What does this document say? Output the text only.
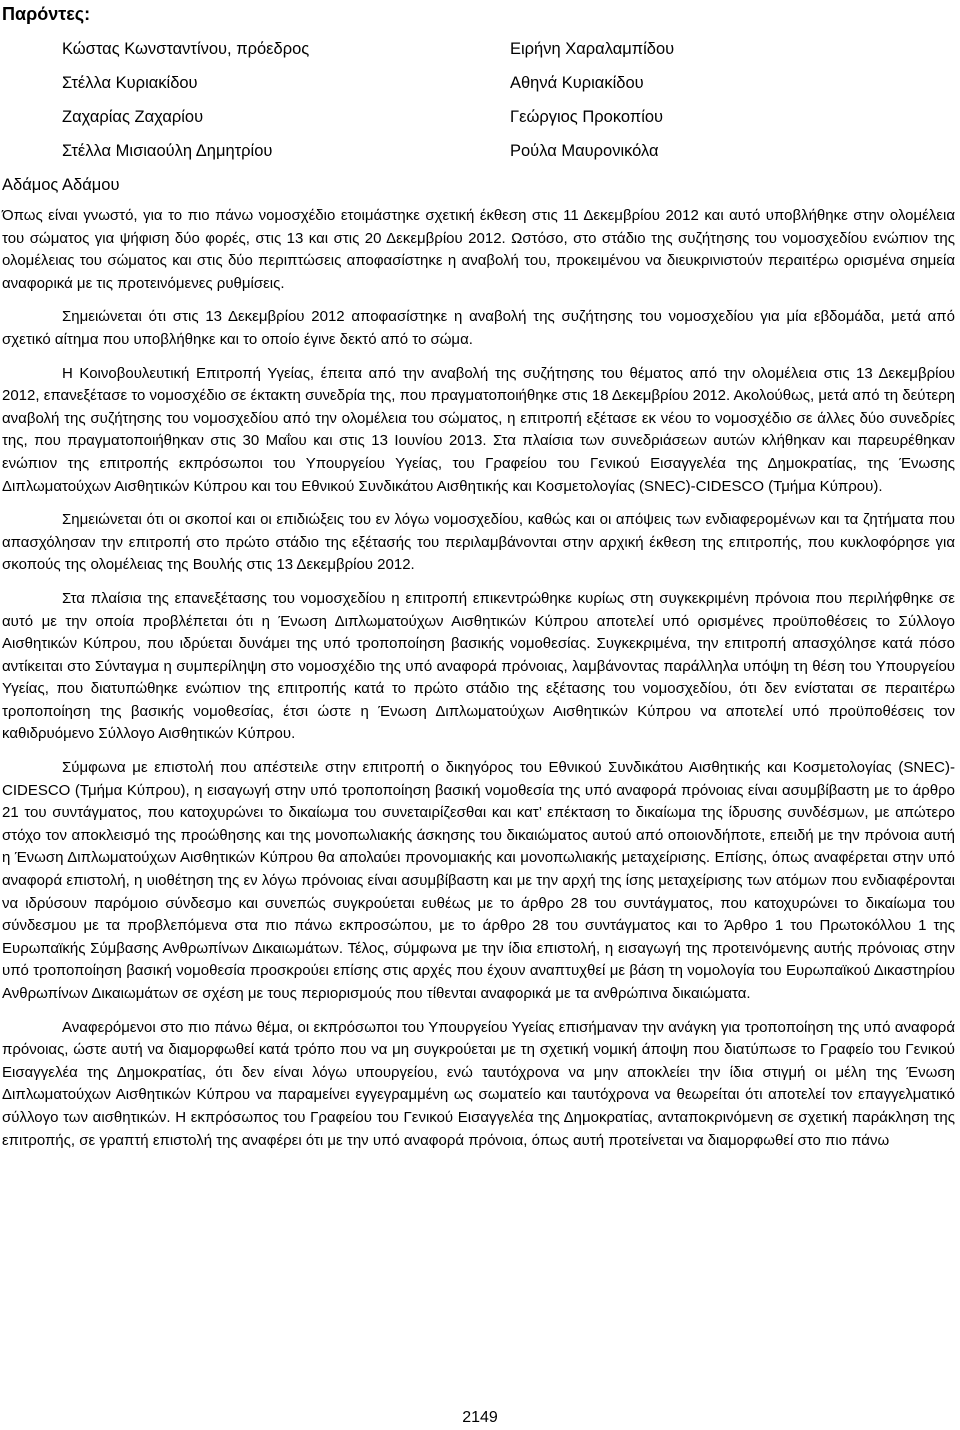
Παρόντες:
Κώστας Κωνσταντίνου, πρόεδρος	Ειρήνη Χαραλαμπίδου
Στέλλα Κυριακίδου	Αθηνά Κυριακίδου
Ζαχαρίας Ζαχαρίου	Γεώργιος Προκοπίου
Στέλλα Μισιαούλη Δημητρίου	Ρούλα Μαυρονικόλα
Αδάμος Αδάμου

Όπως είναι γνωστό, για το πιο πάνω νομοσχέδιο ετοιμάστηκε σχετική έκθεση στις 11 Δεκεμβρίου 2012 και αυτό υποβλήθηκε στην ολομέλεια του σώματος για ψήφιση δύο φορές, στις 13 και στις 20 Δεκεμβρίου 2012. Ωστόσο, στο στάδιο της συζήτησης του νομοσχεδίου ενώπιον της ολομέλειας του σώματος και στις δύο περιπτώσεις αποφασίστηκε η αναβολή του, προκειμένου να διευκρινιστούν περαιτέρω ορισμένα σημεία αναφορικά με τις προτεινόμενες ρυθμίσεις.

Σημειώνεται ότι στις 13 Δεκεμβρίου 2012 αποφασίστηκε η αναβολή της συζήτησης του νομοσχεδίου για μία εβδομάδα, μετά από σχετικό αίτημα που υποβλήθηκε και το οποίο έγινε δεκτό από το σώμα.

Η Κοινοβουλευτική Επιτροπή Υγείας, έπειτα από την αναβολή της συζήτησης του θέματος από την ολομέλεια στις 13 Δεκεμβρίου 2012, επανεξέτασε το νομοσχέδιο σε έκτακτη συνεδρία της, που πραγματοποιήθηκε στις 18 Δεκεμβρίου 2012. Ακολούθως, μετά από τη δεύτερη αναβολή της συζήτησης του νομοσχεδίου από την ολομέλεια του σώματος, η επιτροπή εξέτασε εκ νέου το νομοσχέδιο σε άλλες δύο συνεδρίες της, που πραγματοποιήθηκαν στις 30 Μαΐου και στις 13 Ιουνίου 2013. Στα πλαίσια των συνεδριάσεων αυτών κλήθηκαν και παρευρέθηκαν ενώπιον της επιτροπής εκπρόσωποι του Υπουργείου Υγείας, του Γραφείου του Γενικού Εισαγγελέα της Δημοκρατίας, της Ένωσης Διπλωματούχων Αισθητικών Κύπρου και του Εθνικού Συνδικάτου Αισθητικής και Κοσμετολογίας (SNEC)-CIDESCO (Τμήμα Κύπρου).

Σημειώνεται ότι οι σκοποί και οι επιδιώξεις του εν λόγω νομοσχεδίου, καθώς και οι απόψεις των ενδιαφερομένων και τα ζητήματα που απασχόλησαν την επιτροπή στο πρώτο στάδιο της εξέτασής του περιλαμβάνονται στην αρχική έκθεση της επιτροπής, που κυκλοφόρησε για σκοπούς της ολομέλειας της Βουλής στις 13 Δεκεμβρίου 2012.

Στα πλαίσια της επανεξέτασης του νομοσχεδίου η επιτροπή επικεντρώθηκε κυρίως στη συγκεκριμένη πρόνοια που περιλήφθηκε σε αυτό με την οποία προβλέπεται ότι η Ένωση Διπλωματούχων Αισθητικών Κύπρου αποτελεί υπό ορισμένες προϋποθέσεις το Σύλλογο Αισθητικών Κύπρου, που ιδρύεται δυνάμει της υπό τροποποίηση βασικής νομοθεσίας. Συγκεκριμένα, την επιτροπή απασχόλησε κατά πόσο αντίκειται στο Σύνταγμα η συμπερίληψη στο νομοσχέδιο της υπό αναφορά πρόνοιας, λαμβάνοντας παράλληλα υπόψη τη θέση του Υπουργείου Υγείας, που διατυπώθηκε ενώπιον της επιτροπής κατά το πρώτο στάδιο της εξέτασης του νομοσχεδίου, ότι δεν ενίσταται σε περαιτέρω τροποποίηση της βασικής νομοθεσίας, έτσι ώστε η Ένωση Διπλωματούχων Αισθητικών Κύπρου να αποτελεί υπό προϋποθέσεις τον καθιδρυόμενο Σύλλογο Αισθητικών Κύπρου.

Σύμφωνα με επιστολή που απέστειλε στην επιτροπή ο δικηγόρος του Εθνικού Συνδικάτου Αισθητικής και Κοσμετολογίας (SNEC)-CIDESCO (Τμήμα Κύπρου), η εισαγωγή στην υπό τροποποίηση βασική νομοθεσία της υπό αναφορά πρόνοιας είναι ασυμβίβαστη με το άρθρο 21 του συντάγματος, που κατοχυρώνει το δικαίωμα του συνεταιρίζεσθαι και κατ’ επέκταση το δικαίωμα της ίδρυσης συνδέσμων, με απώτερο στόχο τον αποκλεισμό της προώθησης και της μονοπωλιακής άσκησης του δικαιώματος αυτού από οποιονδήποτε, επειδή με την πρόνοια αυτή η Ένωση Διπλωματούχων Αισθητικών Κύπρου θα απολαύει προνομιακής και μονοπωλιακής μεταχείρισης. Επίσης, όπως αναφέρεται στην υπό αναφορά επιστολή, η υιοθέτηση της εν λόγω πρόνοιας είναι ασυμβίβαστη και με την αρχή της ίσης μεταχείρισης των ατόμων που ενδιαφέρονται να ιδρύσουν παρόμοιο σύνδεσμο και συνεπώς συγκρούεται ευθέως με το άρθρο 28 του συντάγματος, που κατοχυρώνει το δικαίωμα του σύνδεσμου με τα προβλεπόμενα στα πιο πάνω εκπροσώπου, με το άρθρο 28 του συντάγματος και το Άρθρο 1 του Πρωτοκόλλου 1 της Ευρωπαϊκής Σύμβασης Ανθρωπίνων Δικαιωμάτων. Τέλος, σύμφωνα με την ίδια επιστολή, η εισαγωγή της προτεινόμενης αυτής πρόνοιας στην υπό τροποποίηση βασική νομοθεσία προσκρούει επίσης στις αρχές που έχουν αναπτυχθεί με βάση τη νομολογία του Ευρωπαϊκού Δικαστηρίου Ανθρωπίνων Δικαιωμάτων σε σχέση με τους περιορισμούς που τίθενται αναφορικά με τα ανθρώπινα δικαιώματα.

Αναφερόμενοι στο πιο πάνω θέμα, οι εκπρόσωποι του Υπουργείου Υγείας επισήμαναν την ανάγκη για τροποποίηση της υπό αναφορά πρόνοιας, ώστε αυτή να διαμορφωθεί κατά τρόπο που να μη συγκρούεται με τη σχετική νομική άποψη που διατύπωσε το Γραφείο του Γενικού Εισαγγελέα της Δημοκρατίας, ότι δεν είναι λόγω υπουργείου, ενώ ταυτόχρονα να μην αποκλείει την ίδια στιγμή οι μέλη της Ένωση Διπλωματούχων Αισθητικών Κύπρου να παραμείνει εγγεγραμμένη ως σωματείο και ταυτόχρονα να θεωρείται ότι αποτελεί τον επαγγελματικό σύλλογο των αισθητικών. Η εκπρόσωπος του Γραφείου του Γενικού Εισαγγελέα της Δημοκρατίας, ανταποκρινόμενη σε σχετική παράκληση της επιτροπής, σε γραπτή επιστολή της αναφέρει ότι με την υπό αναφορά πρόνοια, όπως αυτή προτείνεται να διαμορφωθεί στο πιο πάνω

2149
